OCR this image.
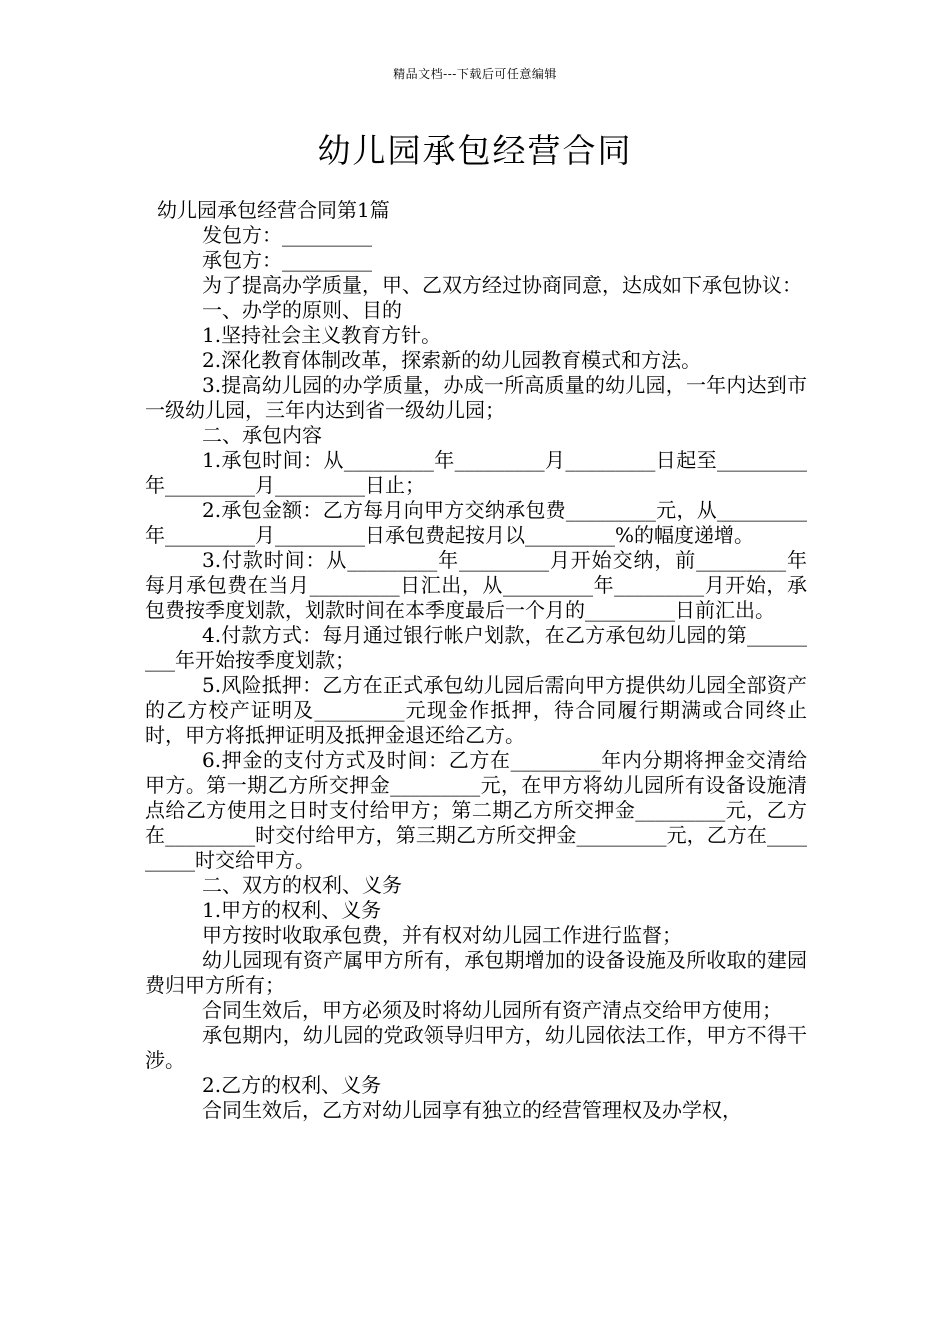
精品文档---下载后可任意编辑
幼儿园承包经营合同

幼儿园承包经营合同第1篇

发包方：_________

承包方：_________

为了提高办学质量，甲、乙双方经过协商同意，达成如下承包协议：

一、办学的原则、目的

1.坚持社会主义教育方针。

2.深化教育体制改革，探索新的幼儿园教育模式和方法。

3.提高幼儿园的办学质量，办成一所高质量的幼儿园，一年内达到市一级幼儿园，三年内达到省一级幼儿园；

二、承包内容

1.承包时间：从_________年_________月_________日起至_________年_________月_________日止；

2.承包金额：乙方每月向甲方交纳承包费_________元，从_________年_________月_________日承包费起按月以_________%的幅度递增。

3.付款时间：从_________年_________月开始交纳，前_________年每月承包费在当月_________日汇出，从_________年_________月开始，承包费按季度划款，划款时间在本季度最后一个月的_________日前汇出。

4.付款方式：每月通过银行帐户划款，在乙方承包幼儿园的第_________年开始按季度划款；

5.风险抵押：乙方在正式承包幼儿园后需向甲方提供幼儿园全部资产的乙方校产证明及_________元现金作抵押，待合同履行期满或合同终止时，甲方将抵押证明及抵押金退还给乙方。

6.押金的支付方式及时间：乙方在_________年内分期将押金交清给甲方。第一期乙方所交押金_________元，在甲方将幼儿园所有设备设施清点给乙方使用之日时支付给甲方；第二期乙方所交押金_________元，乙方在_________时交付给甲方，第三期乙方所交押金_________元，乙方在_________时交给甲方。

二、双方的权利、义务

1.甲方的权利、义务

甲方按时收取承包费，并有权对幼儿园工作进行监督；

幼儿园现有资产属甲方所有，承包期增加的设备设施及所收取的建园费归甲方所有；

合同生效后，甲方必须及时将幼儿园所有资产清点交给甲方使用；

承包期内，幼儿园的党政领导归甲方，幼儿园依法工作，甲方不得干涉。

2.乙方的权利、义务

合同生效后，乙方对幼儿园享有独立的经营管理权及办学权，
